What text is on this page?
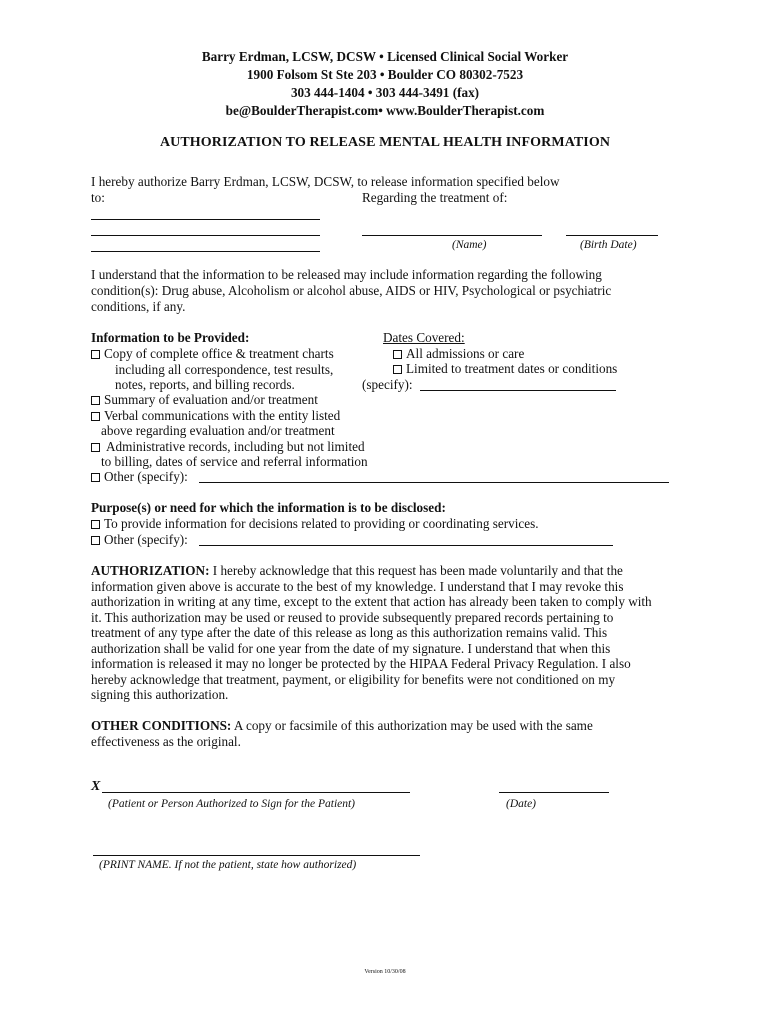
Barry Erdman, LCSW, DCSW • Licensed Clinical Social Worker
1900 Folsom St Ste 203 • Boulder CO 80302-7523
303 444-1404 • 303 444-3491 (fax)
be@BoulderTherapist.com• www.BoulderTherapist.com
AUTHORIZATION TO RELEASE MENTAL HEALTH INFORMATION
I hereby authorize Barry Erdman, LCSW, DCSW, to release information specified below
to:	Regarding the treatment of:
(Name)	(Birth Date)
I understand that the information to be released may include information regarding the following
condition(s): Drug abuse, Alcoholism or alcohol abuse, AIDS or HIV, Psychological or psychiatric
conditions, if any.
Information to be Provided:
Copy of complete office & treatment charts
including all correspondence, test results,
notes, reports, and billing records.
Summary of evaluation and/or treatment
Verbal communications with the entity listed
above regarding evaluation and/or treatment
Administrative records, including but not limited
to billing, dates of service and referral information
Other (specify):
Dates Covered:
All admissions or care
Limited to treatment dates or conditions
(specify):
Purpose(s) or need for which the information is to be disclosed:
To provide information for decisions related to providing or coordinating services.
Other (specify):
AUTHORIZATION: I hereby acknowledge that this request has been made voluntarily and that the
information given above is accurate to the best of my knowledge. I understand that I may revoke this
authorization in writing at any time, except to the extent that action has already been taken to comply with
it. This authorization may be used or reused to provide subsequently prepared records pertaining to
treatment of any type after the date of this release as long as this authorization remains valid. This
authorization shall be valid for one year from the date of my signature. I understand that when this
information is released it may no longer be protected by the HIPAA Federal Privacy Regulation. I also
hereby acknowledge that treatment, payment, or eligibility for benefits were not conditioned on my
signing this authorization.
OTHER CONDITIONS: A copy or facsimile of this authorization may be used with the same
effectiveness as the original.
X
(Patient or Person Authorized to Sign for the Patient)	(Date)
(PRINT NAME. If not the patient, state how authorized)
Version 10/30/08
